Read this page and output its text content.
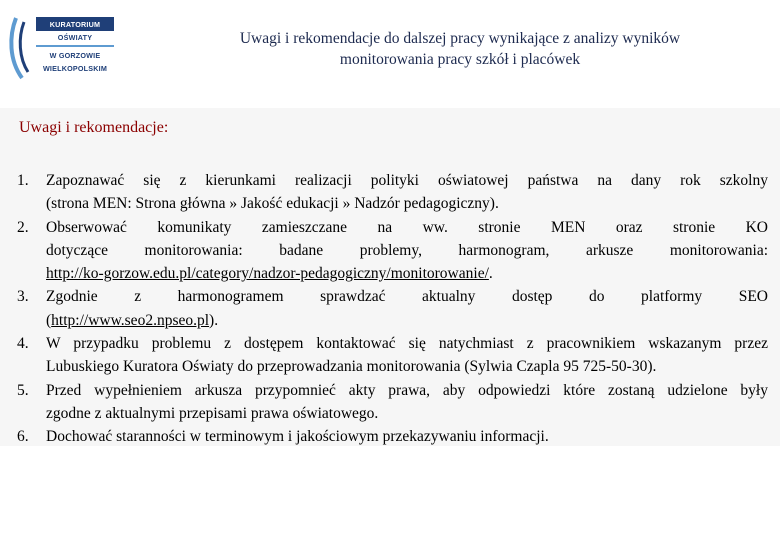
KURATORIUM
OŚWIATY
W GORZOWIE
WIELKOPOLSKIM
Uwagi i rekomendacje do dalszej pracy wynikające z analizy wyników
monitorowania pracy szkół i placówek
Uwagi i rekomendacje:
1. Zapoznawać się z kierunkami realizacji polityki oświatowej państwa na dany rok szkolny
(strona MEN: Strona główna » Jakość edukacji » Nadzór pedagogiczny).
2. Obserwować komunikaty zamieszczane na ww. stronie MEN oraz stronie KO
dotyczące monitorowania: badane problemy, harmonogram, arkusze monitorowania:
http://ko-gorzow.edu.pl/category/nadzor-pedagogiczny/monitorowanie/.
3. Zgodnie z harmonogramem sprawdzać aktualny dostęp do platformy SEO
(http://www.seo2.npseo.pl).
4. W przypadku problemu z dostępem kontaktować się natychmiast z pracownikiem wskazanym przez
Lubuskiego Kuratora Oświaty do przeprowadzania monitorowania (Sylwia Czapla 95 725-50-30).
5. Przed wypełnieniem arkusza przypomnieć akty prawa, aby odpowiedzi które zostaną udzielone były
zgodne z aktualnymi przepisami prawa oświatowego.
6. Dochować staranności w terminowym i jakościowym przekazywaniu informacji.
